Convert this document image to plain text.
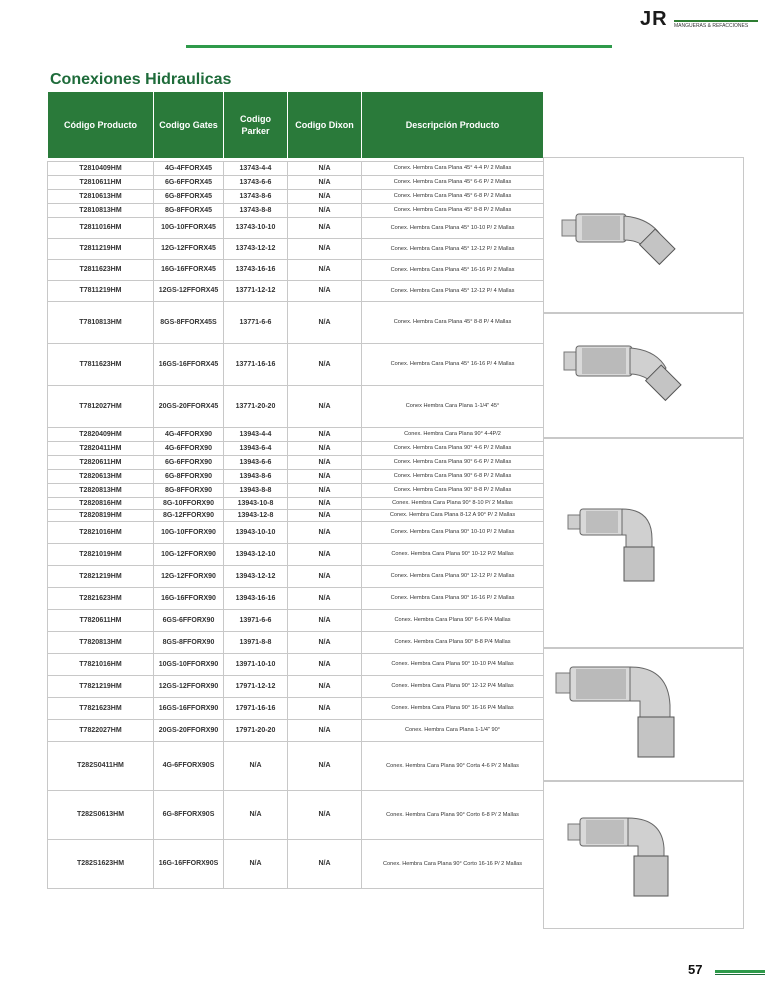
JR MANGUERAS & REFACCIONES
Conexiones Hidraulicas
Código Producto	Codigo Gates	Codigo Parker	Codigo Dixon	Descripción Producto

T2810409HM	4G-4FFORX45	13743-4-4	N/A	Conex. Hembra Cara Plana 45° 4-4 P/ 2 Mallas
T2810611HM	6G-6FFORX45	13743-6-6	N/A	Conex. Hembra Cara Plana 45° 6-6 P/ 2 Mallas
T2810613HM	6G-8FFORX45	13743-8-6	N/A	Conex. Hembra Cara Plana 45° 6-8 P/ 2 Mallas
T2810813HM	8G-8FFORX45	13743-8-8	N/A	Conex. Hembra Cara Plana 45° 8-8 P/ 2 Mallas
T2811016HM	10G-10FFORX45	13743-10-10	N/A	Conex. Hembra Cara Plana 45° 10-10 P/ 2 Mallas
T2811219HM	12G-12FFORX45	13743-12-12	N/A	Conex. Hembra Cara Plana 45° 12-12 P/ 2 Mallas
T2811623HM	16G-16FFORX45	13743-16-16	N/A	Conex. Hembra Cara Plana 45° 16-16 P/ 2 Mallas
T7811219HM	12GS-12FFORX45	13771-12-12	N/A	Conex. Hembra Cara Plana 45° 12-12 P/ 4 Mallas
T7810813HM	8GS-8FFORX45S	13771-6-6	N/A	Conex. Hembra Cara Plana 45° 8-8 P/ 4 Mallas
T7811623HM	16GS-16FFORX45	13771-16-16	N/A	Conex. Hembra Cara Plana 45° 16-16 P/ 4 Mallas
T7812027HM	20GS-20FFORX45	13771-20-20	N/A	Conex Hembra Cara Plana 1-1/4" 45°
T2820409HM	4G-4FFORX90	13943-4-4	N/A	Conex. Hembra Cara Plana 90° 4-4P/2
T2820411HM	4G-6FFORX90	13943-6-4	N/A	Conex. Hembra Cara Plana 90° 4-6 P/ 2 Mallas
T2820611HM	6G-6FFORX90	13943-6-6	N/A	Conex. Hembra Cara Plana 90° 6-6 P/ 2 Mallas
T2820613HM	6G-8FFORX90	13943-8-6	N/A	Conex. Hembra Cara Plana 90° 6-8 P/ 2 Mallas
T2820813HM	8G-8FFORX90	13943-8-8	N/A	Conex. Hembra Cara Plana 90° 8-8 P/ 2 Mallas
T2820816HM	8G-10FFORX90	13943-10-8	N/A	Conex. Hembra Cara Plana 90° 8-10 P/ 2 Mallas
T2820819HM	8G-12FFORX90	13943-12-8	N/A	Conex. Hembra Cara Plana 8-12 A 90° P/ 2 Mallas
T2821016HM	10G-10FFORX90	13943-10-10	N/A	Conex. Hembra Cara Plana 90° 10-10 P/ 2 Mallas
T2821019HM	10G-12FFORX90	13943-12-10	N/A	Conex. Hembra Cara Plana 90° 10-12 P/2 Mallas
T2821219HM	12G-12FFORX90	13943-12-12	N/A	Conex. Hembra Cara Plana 90° 12-12 P/ 2 Mallas
T2821623HM	16G-16FFORX90	13943-16-16	N/A	Conex. Hembra Cara Plana 90° 16-16 P/ 2 Mallas
T7820611HM	6GS-6FFORX90	13971-6-6	N/A	Conex. Hembra Cara Plana 90° 6-6 P/4 Mallas
T7820813HM	8GS-8FFORX90	13971-8-8	N/A	Conex. Hembra Cara Plana 90° 8-8 P/4 Mallas
T7821016HM	10GS-10FFORX90	13971-10-10	N/A	Conex. Hembra Cara Plana 90° 10-10 P/4 Mallas
T7821219HM	12GS-12FFORX90	17971-12-12	N/A	Conex. Hembra Cara Plana 90° 12-12 P/4 Mallas
T7821623HM	16GS-16FFORX90	17971-16-16	N/A	Conex. Hembra Cara Plana 90° 16-16 P/4 Mallas
T7822027HM	20GS-20FFORX90	17971-20-20	N/A	Conex. Hembra Cara Plana 1-1/4" 90°
T282S0411HM	4G-6FFORX90S	N/A	N/A	Conex. Hembra Cara Plana 90° Corta 4-6 P/ 2 Mallas
T282S0613HM	6G-8FFORX90S	N/A	N/A	Conex. Hembra Cara Plana 90° Corto 6-8 P/ 2 Mallas
T282S1623HM	16G-16FFORX90S	N/A	N/A	Conex. Hembra Cara Plana 90° Corto 16-16 P/ 2 Mallas
57
